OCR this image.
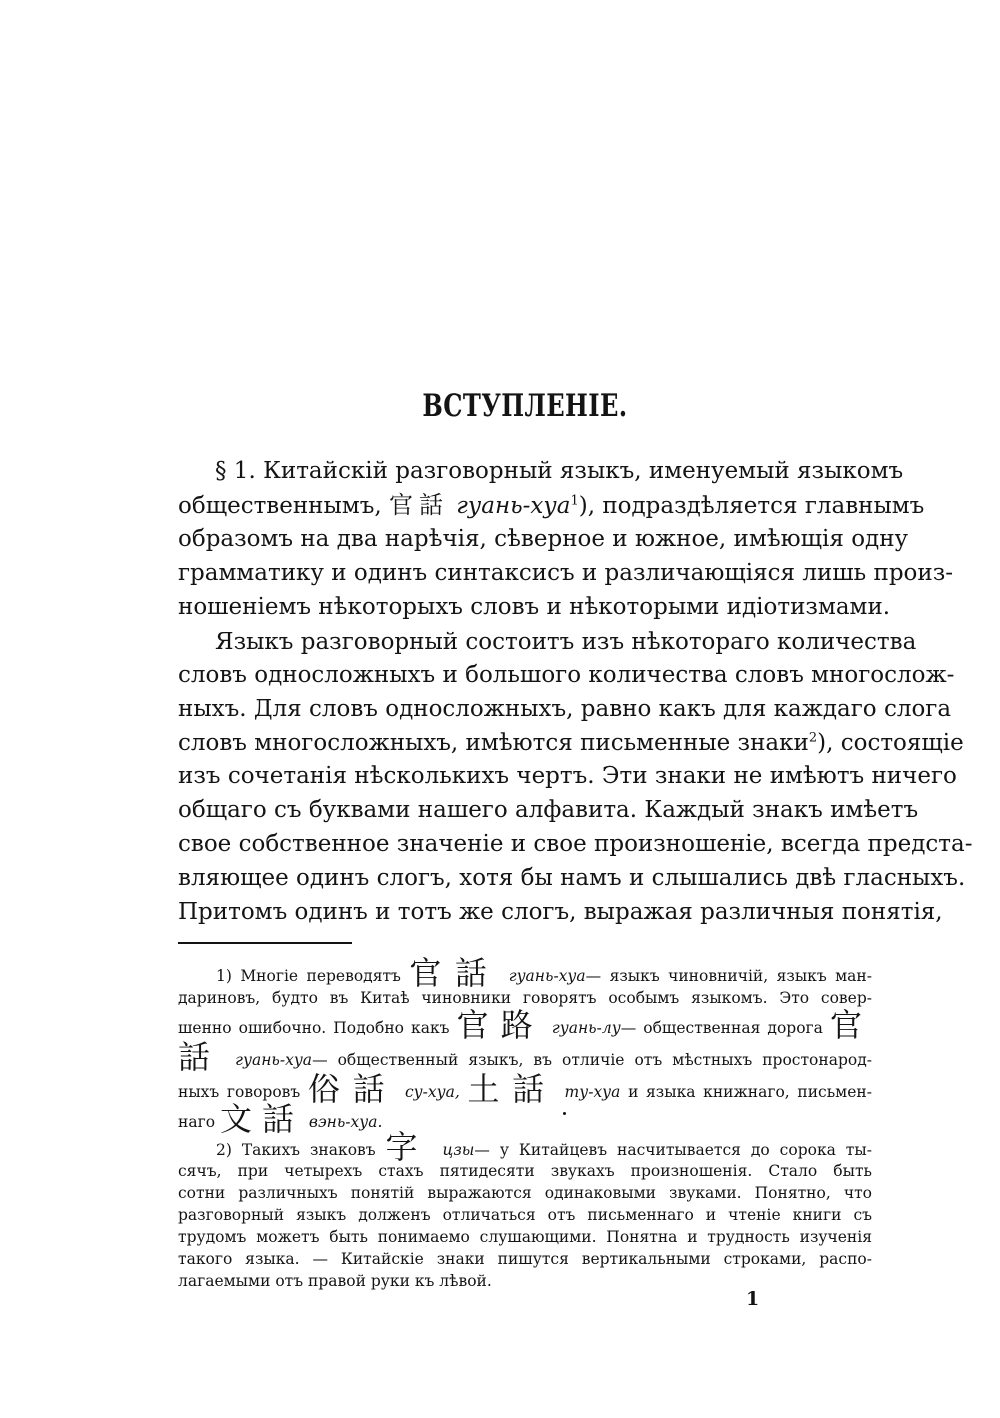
ВСТУПЛЕНIE.
§ 1. Китайскiй разговорный языкъ, именуемый языкомъ
общественнымъ, 官話 гуань-хуа$^1$), подраздѣляется главнымъ
образомъ на два нарѣчiя, сѣверное и южное, имѣющiя одну
грамматику и одинъ синтаксисъ и различающiяся лишь произ-
ношенiемъ нѣкоторыхъ словъ и нѣкоторыми идiотизмами.
Языкъ разговорный состоитъ изъ нѣкотораго количества
словъ односложныхъ и большого количества словъ многослож-
ныхъ. Для словъ односложныхъ, равно какъ для каждаго слога
словъ многосложныхъ, имѣются письменные знаки$^2$), состоящiе
изъ сочетанiя нѣсколькихъ чертъ. Эти знаки не имѣютъ ничего
общаго съ буквами нашего алфавита. Каждый знакъ имѣетъ
свое собственное значенiе и свое произношенiе, всегда предста-
вляющее одинъ слогъ, хотя бы намъ и слышались двѣ гласныхъ.
Притомъ одинъ и тотъ же слогъ, выражая различныя понятiя,
1) Многiе переводятъ 官話 гуань-хуа— языкъ чиновничiй, языкъ ман-
дариновъ, будто въ Китаѣ чиновники говорятъ особымъ языкомъ. Это совер-
шенно ошибочно. Подобно какъ 官路 гуань-лу— общественная дорога 官
話 гуань-хуа— общественный языкъ, въ отличiе отъ мѣстныхъ простонарод-
ныхъ говоровъ 俗話 су-хуа, 土話 ту-хуа и языка книжнаго, письмен-
наго 文話 вэнь-хуа.
2) Такихъ знаковъ 字 цзы— у Китайцевъ насчитывается до сорока ты-
сячъ, при четырехъ стахъ пятидесяти звукахъ произношенiя. Стало быть
сотни различныхъ понятiй выражаются одинаковыми звуками. Понятно, что
разговорный языкъ долженъ отличаться отъ письменнаго и чтенiе книги съ
трудомъ можетъ быть понимаемо слушающими. Понятна и трудность изученiя
такого языка. — Китайскiе знаки пишутся вертикальными строками, распо-
лагаемыми отъ правой руки къ лѣвой.
1
